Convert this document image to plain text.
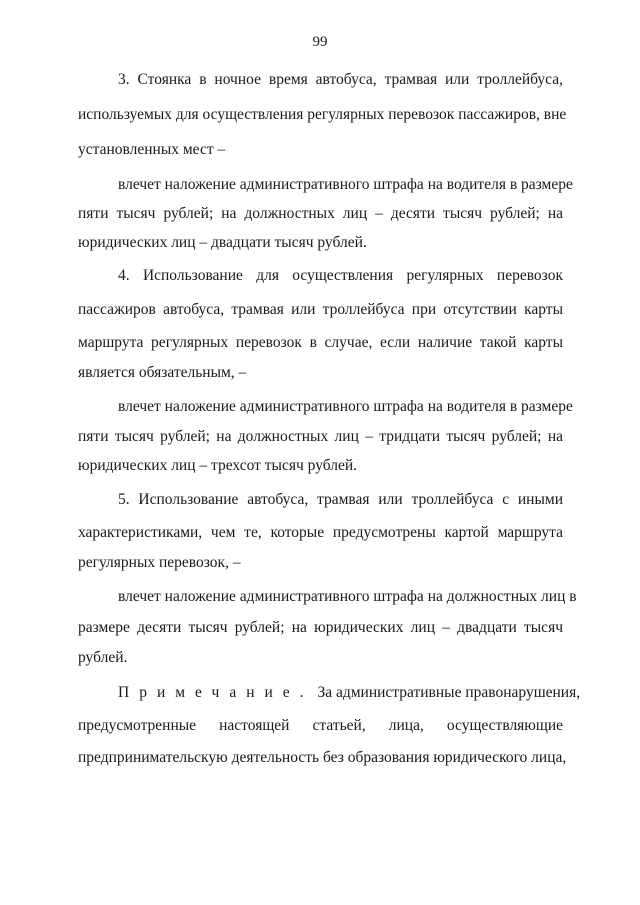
99
3. Стоянка в ночное время автобуса, трамвая или троллейбуса,
используемых для осуществления регулярных перевозок пассажиров, вне
установленных мест –
влечет наложение административного штрафа на водителя в размере
пяти тысяч рублей; на должностных лиц – десяти тысяч рублей; на
юридических лиц – двадцати тысяч рублей.
4. Использование для осуществления регулярных перевозок
пассажиров автобуса, трамвая или троллейбуса при отсутствии карты
маршрута регулярных перевозок в случае, если наличие такой карты
является обязательным, –
влечет наложение административного штрафа на водителя в размере
пяти тысяч рублей; на должностных лиц – тридцати тысяч рублей; на
юридических лиц – трехсот тысяч рублей.
5. Использование автобуса, трамвая или троллейбуса с иными
характеристиками, чем те, которые предусмотрены картой маршрута
регулярных перевозок, –
влечет наложение административного штрафа на должностных лиц в
размере десяти тысяч рублей; на юридических лиц – двадцати тысяч
рублей.
Примечание. За административные правонарушения,
предусмотренные настоящей статьей, лица, осуществляющие
предпринимательскую деятельность без образования юридического лица,
